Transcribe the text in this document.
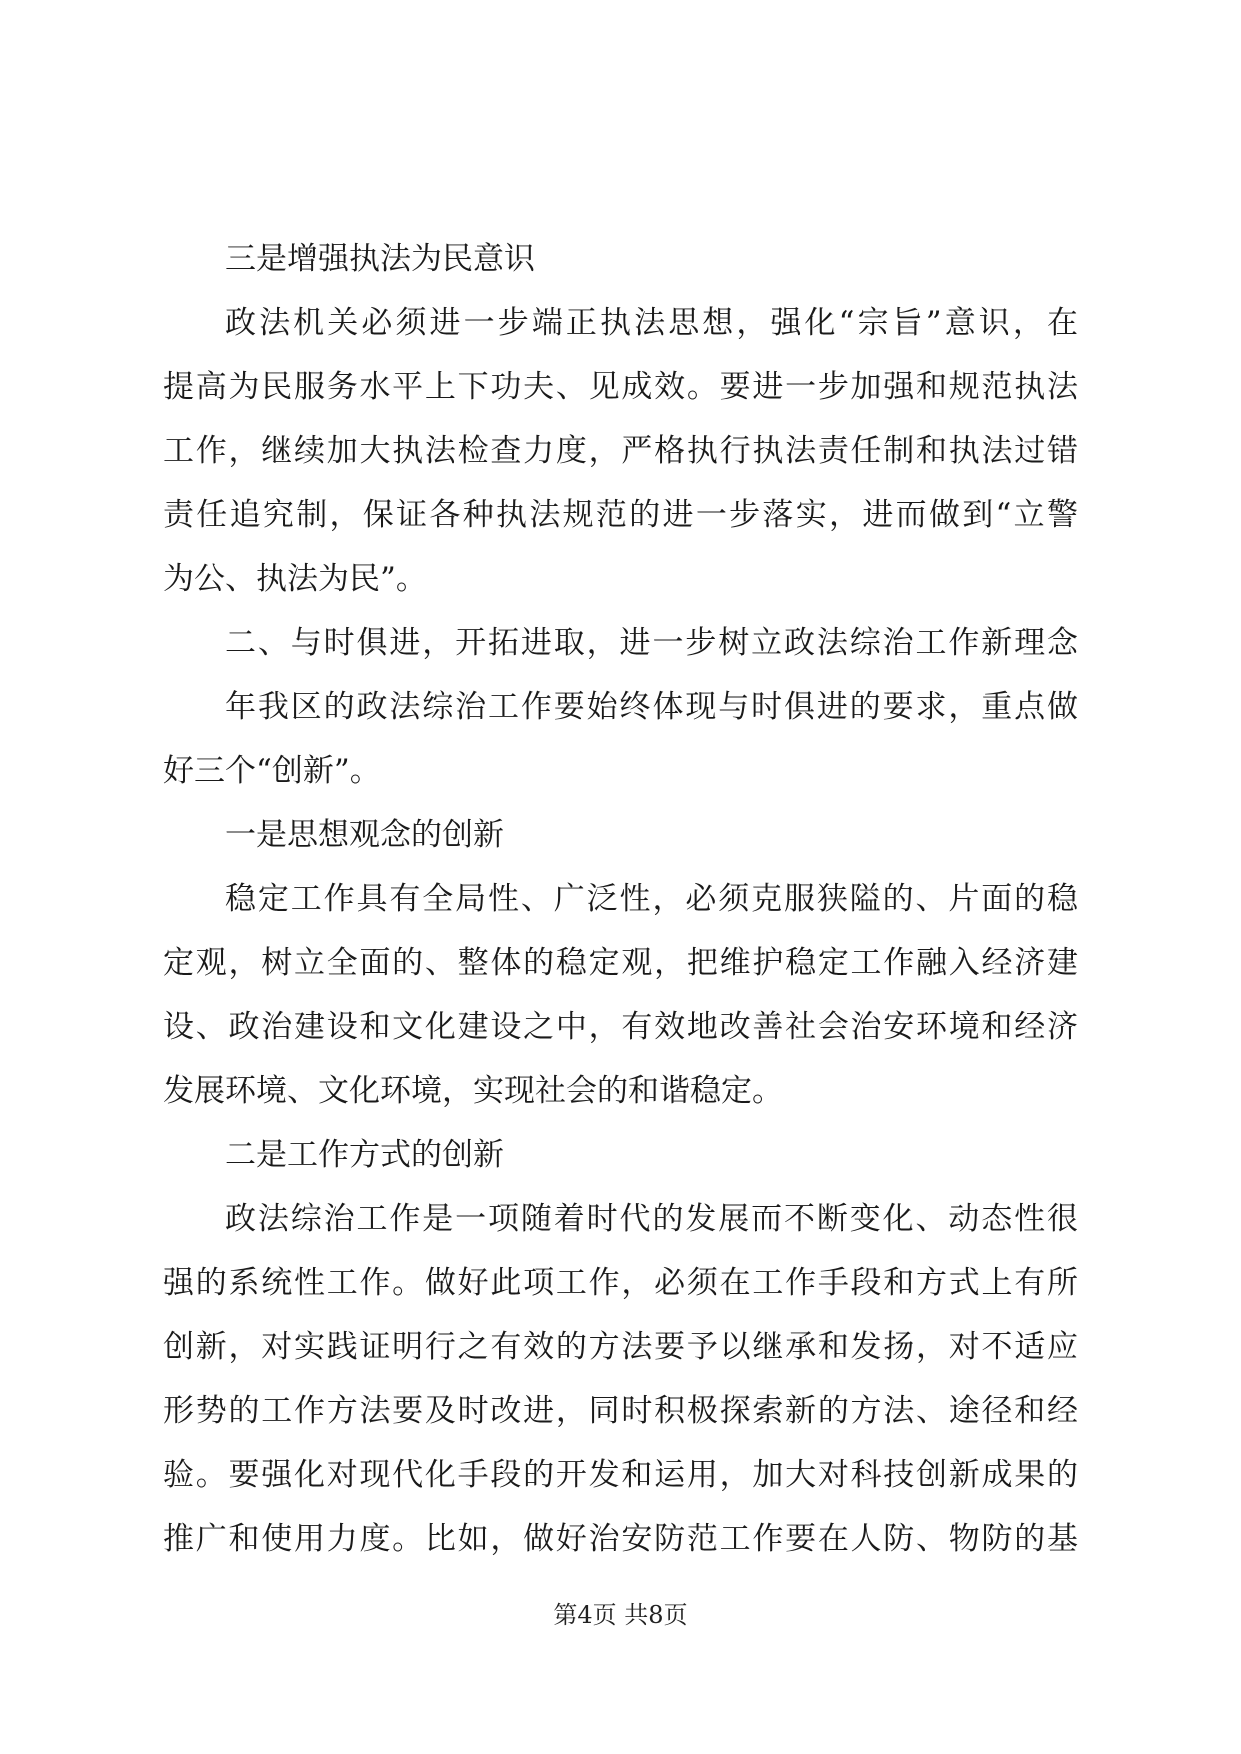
三是增强执法为民意识
政法机关必须进一步端正执法思想，强化“宗旨”意识，在
提高为民服务水平上下功夫、见成效。要进一步加强和规范执法
工作，继续加大执法检查力度，严格执行执法责任制和执法过错
责任追究制，保证各种执法规范的进一步落实，进而做到“立警
为公、执法为民”。
二、与时俱进，开拓进取，进一步树立政法综治工作新理念
年我区的政法综治工作要始终体现与时俱进的要求，重点做
好三个“创新”。
一是思想观念的创新
稳定工作具有全局性、广泛性，必须克服狭隘的、片面的稳
定观，树立全面的、整体的稳定观，把维护稳定工作融入经济建
设、政治建设和文化建设之中，有效地改善社会治安环境和经济
发展环境、文化环境，实现社会的和谐稳定。
二是工作方式的创新
政法综治工作是一项随着时代的发展而不断变化、动态性很
强的系统性工作。做好此项工作，必须在工作手段和方式上有所
创新，对实践证明行之有效的方法要予以继承和发扬，对不适应
形势的工作方法要及时改进，同时积极探索新的方法、途径和经
验。要强化对现代化手段的开发和运用，加大对科技创新成果的
推广和使用力度。比如，做好治安防范工作要在人防、物防的基
第4页 共8页
